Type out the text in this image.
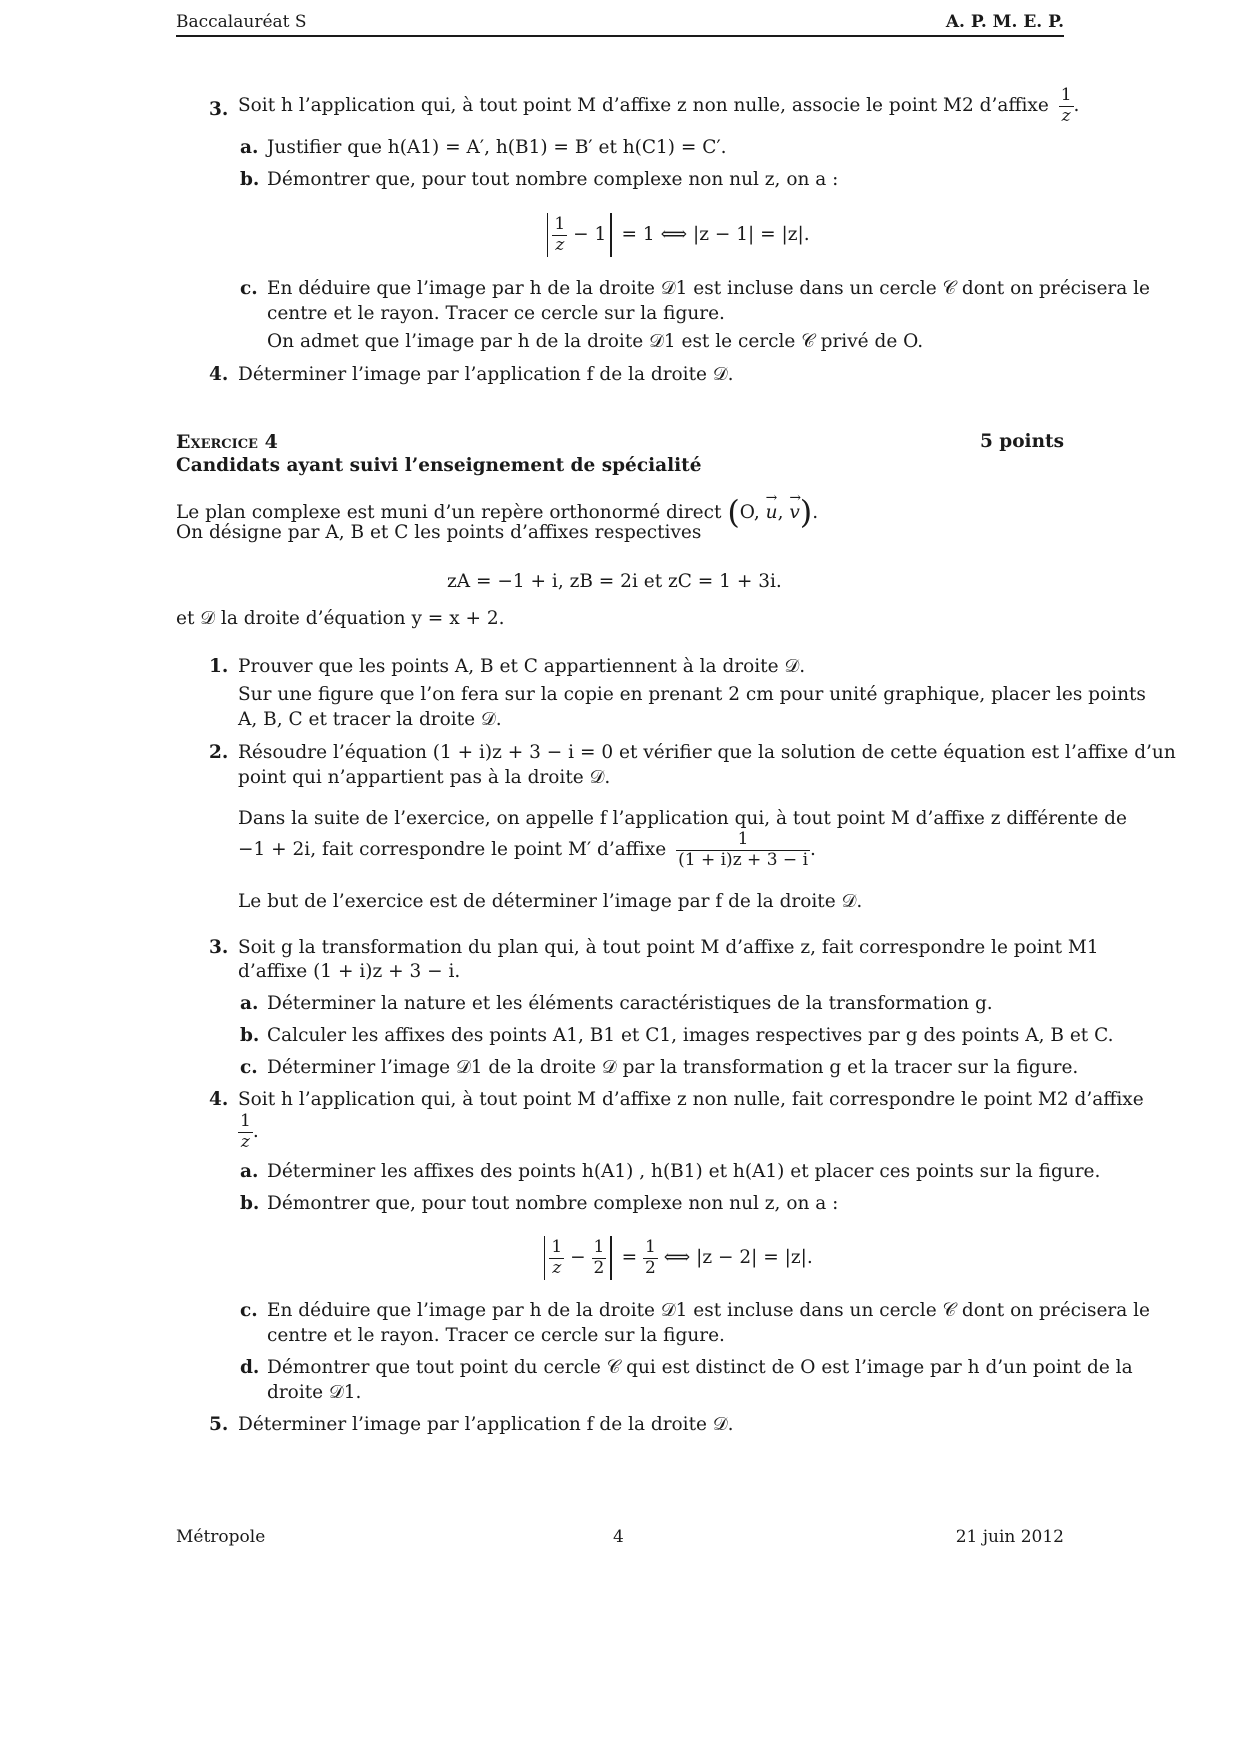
Baccalauréat S	A. P. M. E. P.
3. Soit h l’application qui, à tout point M d’affixe z non nulle, associe le point M2 d’affixe $\frac{1}{z}$ .
a. Justifier que h(A1) = A′, h(B1) = B′ et h(C1) = C′.
b. Démontrer que, pour tout nombre complexe non nul z, on a :
$\frac{1}{z} - 1 = 1$ ⟺ |z − 1| = |z|.
c. En déduire que l’image par h de la droite 𝒟1 est incluse dans un cercle 𝒞 dont on précisera le
centre et le rayon. Tracer ce cercle sur la figure.
On admet que l’image par h de la droite 𝒟1 est le cercle 𝒞 privé de O.
4. Déterminer l’image par l’application f de la droite 𝒟.
Exercice 4	5 points
Candidats ayant suivi l’enseignement de spécialité
Le plan complexe est muni d’un repère orthonormé direct (O, → u, → v).
On désigne par A, B et C les points d’affixes respectives
zA = −1 + i, zB = 2i et zC = 1 + 3i.
et 𝒟 la droite d’équation y = x + 2.
1. Prouver que les points A, B et C appartiennent à la droite 𝒟.
Sur une figure que l’on fera sur la copie en prenant 2 cm pour unité graphique, placer les points
A, B, C et tracer la droite 𝒟.
2. Résoudre l’équation (1 + i)z + 3 − i = 0 et vérifier que la solution de cette équation est l’affixe d’un
point qui n’appartient pas à la droite 𝒟.
Dans la suite de l’exercice, on appelle f l’application qui, à tout point M d’affixe z différente de
−1 + 2i, fait correspondre le point M′ d’affixe $\frac{1}{(1 + i)z + 3 - i}$ .
Le but de l’exercice est de déterminer l’image par f de la droite 𝒟.
3. Soit g la transformation du plan qui, à tout point M d’affixe z, fait correspondre le point M1
d’affixe (1 + i)z + 3 − i.
a. Déterminer la nature et les éléments caractéristiques de la transformation g.
b. Calculer les affixes des points A1, B1 et C1, images respectives par g des points A, B et C.
c. Déterminer l’image 𝒟1 de la droite 𝒟 par la transformation g et la tracer sur la figure.
4. Soit h l’application qui, à tout point M d’affixe z non nulle, fait correspondre le point M2 d’affixe
$\frac{1}{z}$ .
a. Déterminer les affixes des points h(A1) , h(B1) et h(A1) et placer ces points sur la figure.
b. Démontrer que, pour tout nombre complexe non nul z, on a :
$\frac{1}{z} - \frac{1}{2} = \frac{1}{2}$ ⟺ |z − 2| = |z|.
c. En déduire que l’image par h de la droite 𝒟1 est incluse dans un cercle 𝒞 dont on précisera le
centre et le rayon. Tracer ce cercle sur la figure.
d. Démontrer que tout point du cercle 𝒞 qui est distinct de O est l’image par h d’un point de la
droite 𝒟1.
5. Déterminer l’image par l’application f de la droite 𝒟.
Métropole	4	21 juin 2012
